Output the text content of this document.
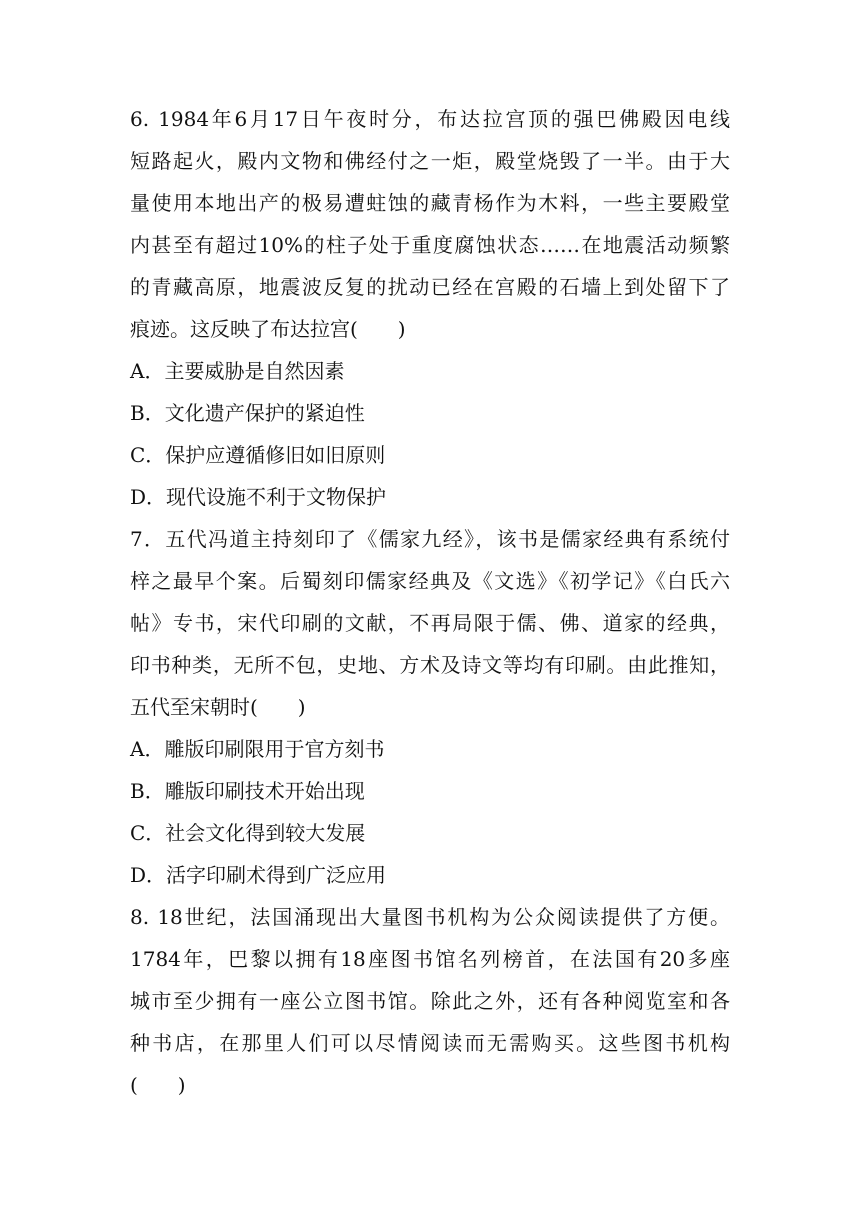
6. 1984年6月17日午夜时分，布达拉宫顶的强巴佛殿因电线
短路起火，殿内文物和佛经付之一炬，殿堂烧毁了一半。由于大
量使用本地出产的极易遭蛀蚀的藏青杨作为木料，一些主要殿堂
内甚至有超过10%的柱子处于重度腐蚀状态……在地震活动频繁
的青藏高原，地震波反复的扰动已经在宫殿的石墙上到处留下了
痕迹。这反映了布达拉宫(　　)
A．主要威胁是自然因素
B．文化遗产保护的紧迫性
C．保护应遵循修旧如旧原则
D．现代设施不利于文物保护
7．五代冯道主持刻印了《儒家九经》，该书是儒家经典有系统付
梓之最早个案。后蜀刻印儒家经典及《文选》《初学记》《白氏六
帖》专书，宋代印刷的文献，不再局限于儒、佛、道家的经典，
印书种类，无所不包，史地、方术及诗文等均有印刷。由此推知，
五代至宋朝时(　　)
A．雕版印刷限用于官方刻书
B．雕版印刷技术开始出现
C．社会文化得到较大发展
D．活字印刷术得到广泛应用
8. 18世纪，法国涌现出大量图书机构为公众阅读提供了方便。
1784年，巴黎以拥有18座图书馆名列榜首，在法国有20多座
城市至少拥有一座公立图书馆。除此之外，还有各种阅览室和各
种书店，在那里人们可以尽情阅读而无需购买。这些图书机构
(　　)
